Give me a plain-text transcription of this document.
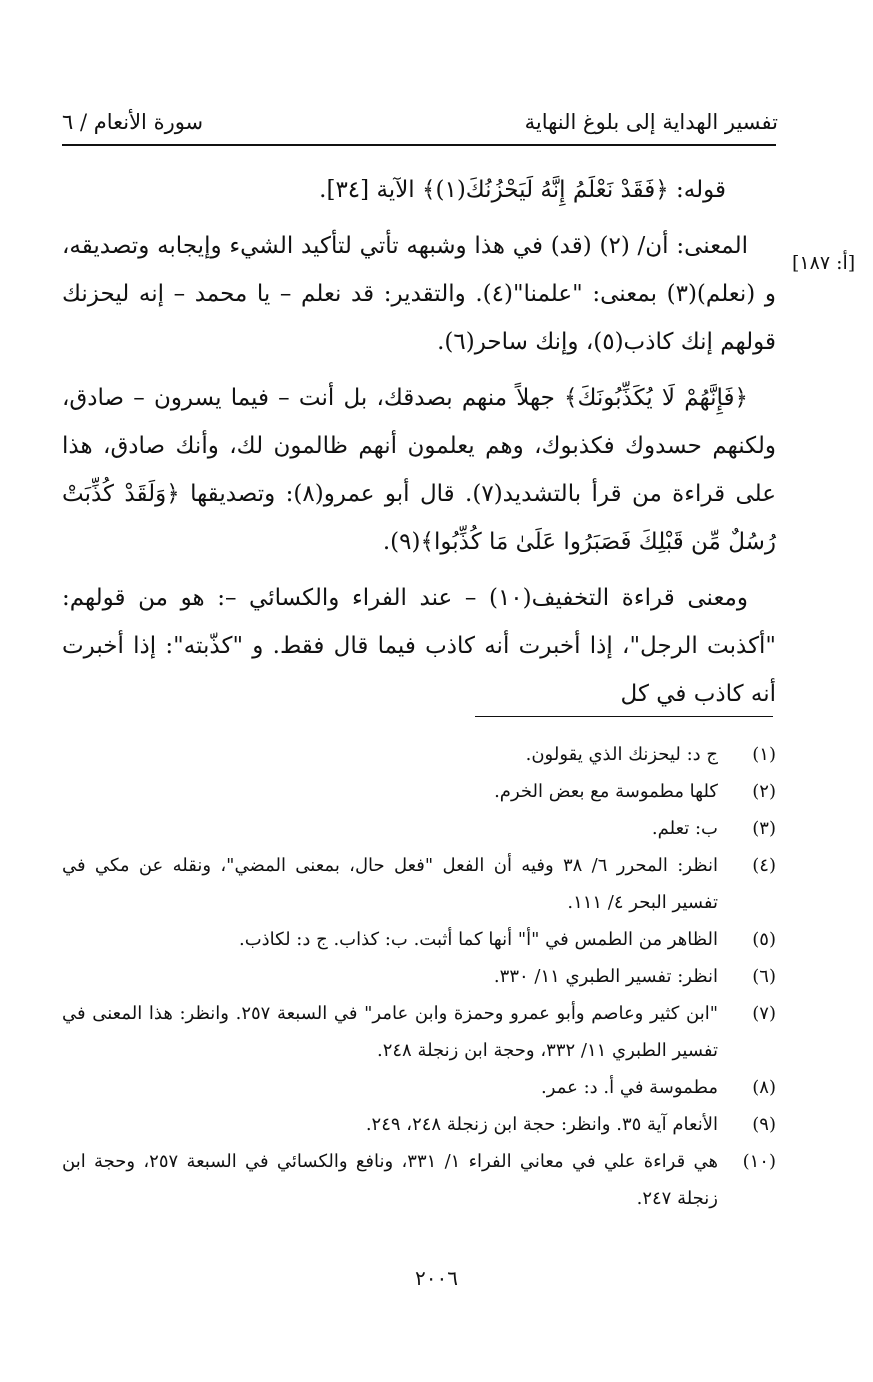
تفسير الهداية إلى بلوغ النهاية
سورة الأنعام / ٦
[أ: ١٨٧]

قوله: ﴿فَقَدْ نَعْلَمُ إِنَّهُ لَيَحْزُنُكَ(١)﴾ الآية [٣٤].

المعنى: أن/ (٢) (قد) في هذا وشبهه تأتي لتأكيد الشيء وإيجابه وتصديقه، و (نعلم)(٣) بمعنى: "علمنا"(٤). والتقدير: قد نعلم – يا محمد – إنه ليحزنك قولهم إنك كاذب(٥)، وإنك ساحر(٦).

﴿فَإِنَّهُمْ لَا يُكَذِّبُونَكَ﴾ جهلاً منهم بصدقك، بل أنت – فيما يسرون – صادق، ولكنهم حسدوك فكذبوك، وهم يعلمون أنهم ظالمون لك، وأنك صادق، هذا على قراءة من قرأ بالتشديد(٧). قال أبو عمرو(٨): وتصديقها ﴿وَلَقَدْ كُذِّبَتْ رُسُلٌ مِّن قَبْلِكَ فَصَبَرُوا عَلَىٰ مَا كُذِّبُوا﴾(٩).

ومعنى قراءة التخفيف(١٠) – عند الفراء والكسائي –: هو من قولهم: "أكذبت الرجل"، إذا أخبرت أنه كاذب فيما قال فقط. و "كذّبته": إذا أخبرت أنه كاذب في كل

(١)
ج د: ليحزنك الذي يقولون.
(٢)
كلها مطموسة مع بعض الخرم.
(٣)
ب: تعلم.
(٤)
انظر: المحرر ٦/ ٣٨ وفيه أن الفعل "فعل حال، بمعنى المضي"، ونقله عن مكي في تفسير البحر ٤/ ١١١.
(٥)
الظاهر من الطمس في "أ" أنها كما أثبت. ب: كذاب. ج د: لكاذب.
(٦)
انظر: تفسير الطبري ١١/ ٣٣٠.
(٧)
"ابن كثير وعاصم وأبو عمرو وحمزة وابن عامر" في السبعة ٢٥٧. وانظر: هذا المعنى في تفسير الطبري ١١/ ٣٣٢، وحجة ابن زنجلة ٢٤٨.
(٨)
مطموسة في أ. د: عمر.
(٩)
الأنعام آية ٣٥. وانظر: حجة ابن زنجلة ٢٤٨، ٢٤٩.
(١٠)
هي قراءة علي في معاني الفراء ١/ ٣٣١، ونافع والكسائي في السبعة ٢٥٧، وحجة ابن زنجلة ٢٤٧.
٢٠٠٦
